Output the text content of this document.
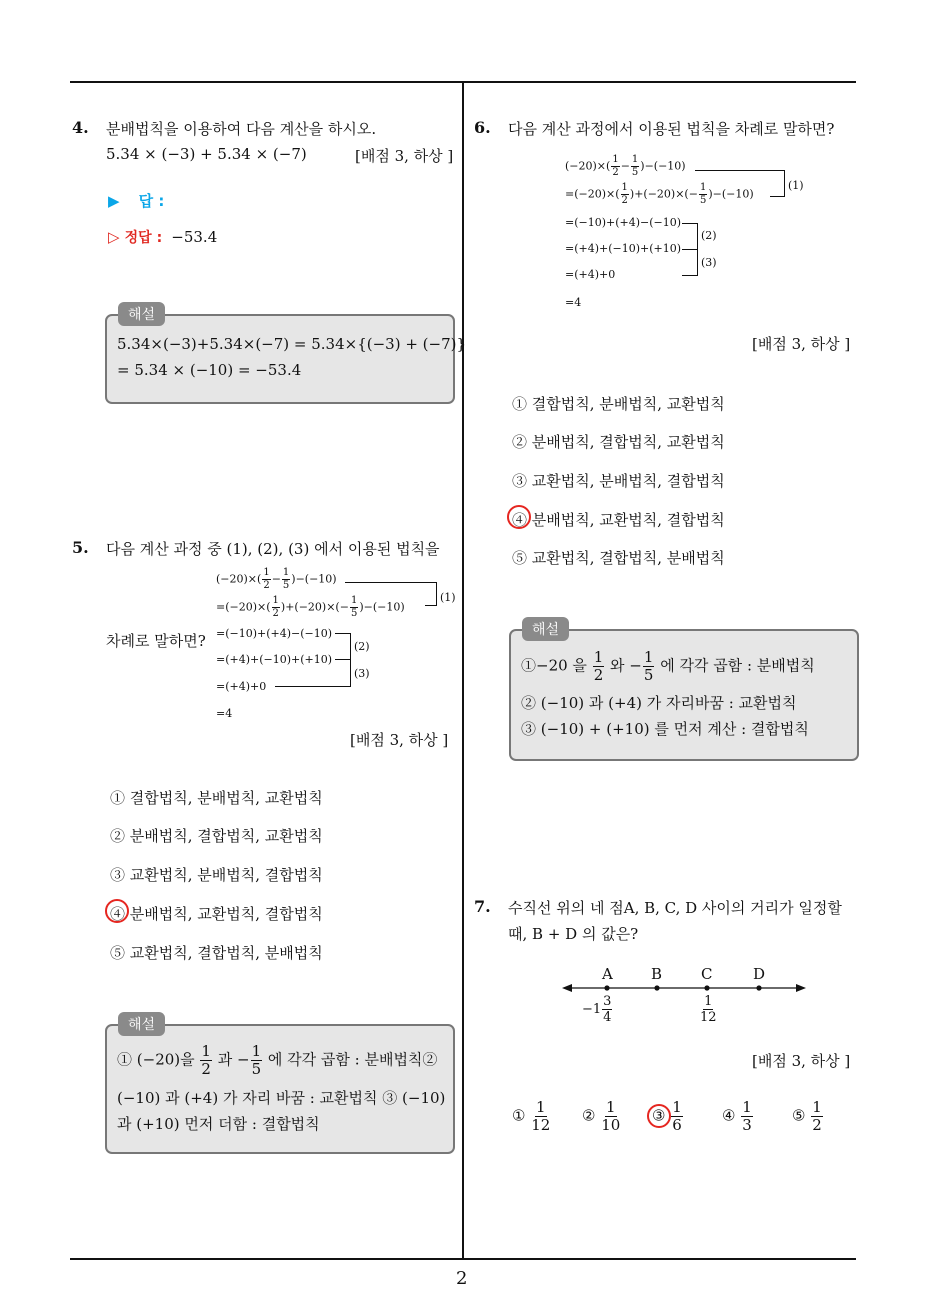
2
4. 분배법칙을 이용하여 다음 계산을 하시오.
5.34 × (−3) + 5.34 × (−7)	[배점 3, 하상 ]
▶ 답 :
▷ 정답 : −53.4
해설
5.34×(−3)+5.34×(−7) = 5.34×{(−3) + (−7)}
= 5.34 × (−10) = −53.4
5. 다음 계산 과정 중 (1), (2), (3) 에서 이용된 법칙을
차례로 말하면?
$(-20)\times( \frac{1}{2} - \frac{1}{5} )-(-10)$
$=(-20)\times( \frac{1}{2} )+(-20)\times(- \frac{1}{5} )-(-10)$
=(−10)+(+4)−(−10)
=(+4)+(−10)+(+10)
=(+4)+0
=4
(1)
(2)
(3)
[배점 3, 하상 ]
① 결합법칙, 분배법칙, 교환법칙
② 분배법칙, 결합법칙, 교환법칙
③ 교환법칙, 분배법칙, 결합법칙
④ 분배법칙, 교환법칙, 결합법칙
⑤ 교환법칙, 결합법칙, 분배법칙
해설
① (−20)을 $\frac{1}{2}$ 과 − $\frac{1}{5}$ 에 각각 곱함 : 분배법칙②
(−10) 과 (+4) 가 자리 바꿈 : 교환법칙 ③ (−10)
과 (+10) 먼저 더함 : 결합법칙
6. 다음 계산 과정에서 이용된 법칙을 차례로 말하면?
$(-20)\times( \frac{1}{2} - \frac{1}{5} )-(-10)$
$=(-20)\times( \frac{1}{2} )+(-20)\times(- \frac{1}{5} )-(-10)$
=(−10)+(+4)−(−10)
=(+4)+(−10)+(+10)
=(+4)+0
=4
(1)
(2)
(3)
[배점 3, 하상 ]
① 결합법칙, 분배법칙, 교환법칙
② 분배법칙, 결합법칙, 교환법칙
③ 교환법칙, 분배법칙, 결합법칙
④ 분배법칙, 교환법칙, 결합법칙
⑤ 교환법칙, 결합법칙, 분배법칙
해설
①−20 을 $\frac{1}{2}$ 와 − $\frac{1}{5}$ 에 각각 곱함 : 분배법칙
② (−10) 과 (+4) 가 자리바꿈 : 교환법칙
③ (−10) + (+10) 를 먼저 계산 : 결합법칙
7. 수직선 위의 네 점A, B, C, D 사이의 거리가 일정할
때, B + D 의 값은?
A	B	C	D
$-1 \frac{3}{4}$	$\frac{1}{12}$
[배점 3, 하상 ]
① $\frac{1}{12}$ ② $\frac{1}{10}$ ③ $\frac{1}{6}$	④ $\frac{1}{3}$	⑤ $\frac{1}{2}$
